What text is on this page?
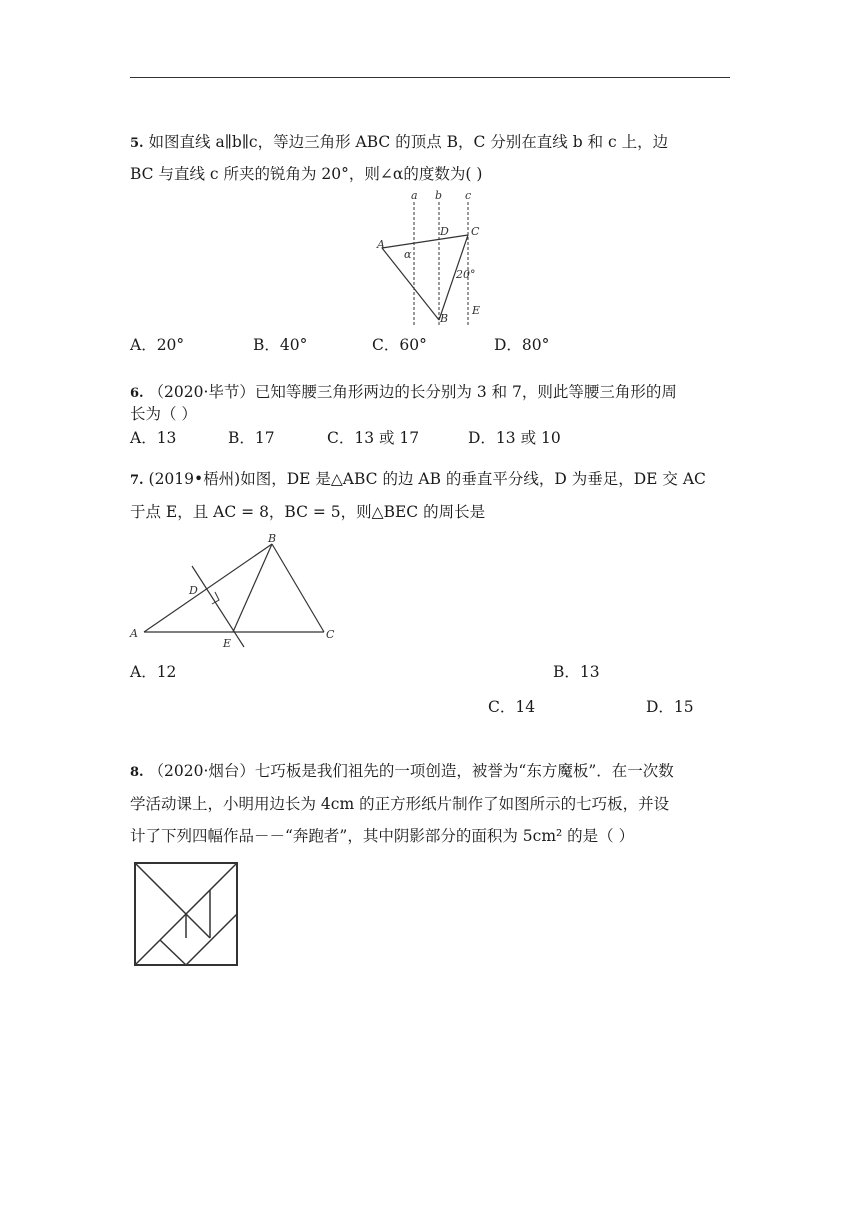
5. 如图直线 a∥b∥c，等边三角形 ABC 的顶点 B，C 分别在直线 b 和 c 上，边
BC 与直线 c 所夹的锐角为 20°，则∠α的度数为( )
a b c
A
D C
α
20°
B
E
A．20°	B．40°	C．60°	D．80°
6. （2020·毕节）已知等腰三角形两边的长分别为 3 和 7，则此等腰三角形的周
长为（ ）
A．13	B．17	C．13 或 17	D．13 或 10
7. (2019•梧州)如图，DE 是△ABC 的边 AB 的垂直平分线，D 为垂足，DE 交 AC
于点 E，且 AC = 8，BC = 5，则△BEC 的周长是
B
D
A
E
C
A．12	B．13
C．14	D．15
8. （2020·烟台）七巧板是我们祖先的一项创造，被誉为“东方魔板”．在一次数
学活动课上，小明用边长为 4cm 的正方形纸片制作了如图所示的七巧板，并设
计了下列四幅作品－－“奔跑者”，其中阴影部分的面积为 5cm² 的是（ ）
